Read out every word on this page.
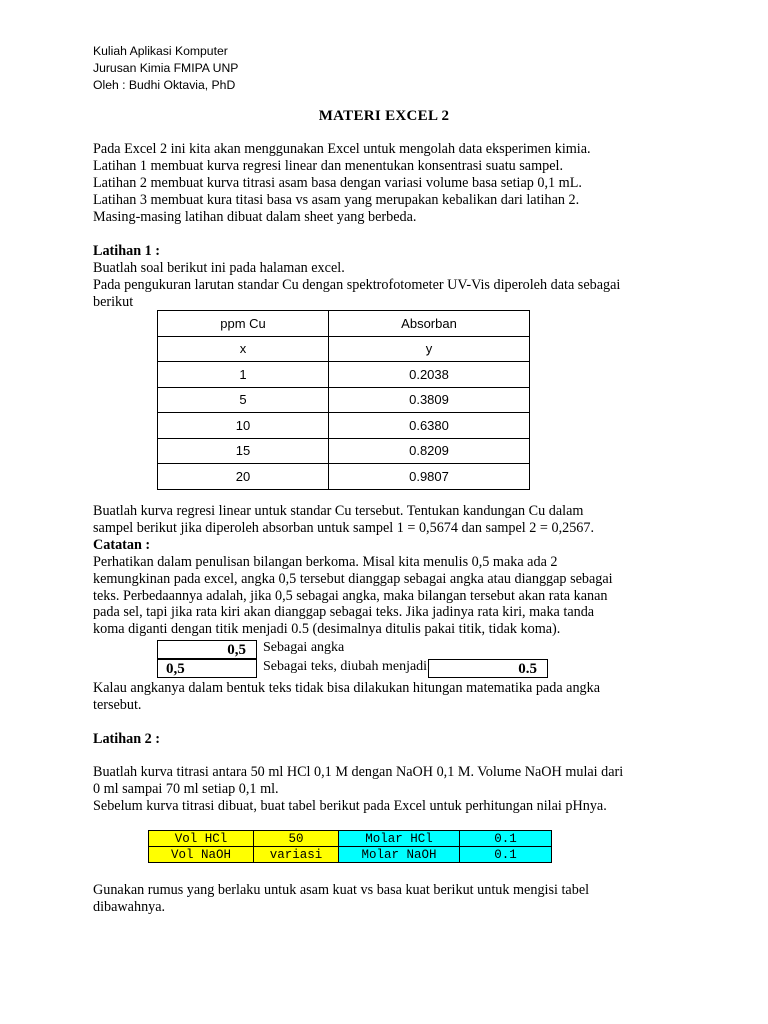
Kuliah Aplikasi Komputer
Jurusan Kimia FMIPA UNP
Oleh : Budhi Oktavia, PhD
MATERI EXCEL 2

Pada Excel 2 ini kita akan menggunakan Excel untuk mengolah data eksperimen kimia.

Latihan 1 membuat kurva regresi linear dan menentukan konsentrasi suatu sampel.

Latihan 2 membuat kurva titrasi asam basa dengan variasi volume basa setiap 0,1 mL.

Latihan 3 membuat kura titasi basa vs asam yang merupakan kebalikan dari latihan 2.

Masing-masing latihan dibuat dalam sheet yang berbeda.

Latihan 1 :

Buatlah soal berikut ini pada halaman excel.

Pada pengukuran larutan standar Cu dengan spektrofotometer UV-Vis diperoleh data sebagai

berikut

ppm Cu	Absorban
x	y
1	0.2038
5	0.3809
10	0.6380
15	0.8209
20	0.9807

Buatlah kurva regresi linear untuk standar Cu tersebut. Tentukan kandungan Cu dalam

sampel berikut jika diperoleh absorban untuk sampel 1 = 0,5674 dan sampel 2 = 0,2567.

Catatan :

Perhatikan dalam penulisan bilangan berkoma. Misal kita menulis 0,5 maka ada 2

kemungkinan pada excel, angka 0,5 tersebut dianggap sebagai angka atau dianggap sebagai

teks. Perbedaannya adalah, jika 0,5 sebagai angka, maka bilangan tersebut akan rata kanan

pada sel, tapi jika rata kiri akan dianggap sebagai teks. Jika jadinya rata kiri, maka tanda

koma diganti dengan titik menjadi 0.5 (desimalnya ditulis pakai titik, tidak koma).

0,5	Sebagai angka
0,5	Sebagai teks, diubah menjadi	0.5

Kalau angkanya dalam bentuk teks tidak bisa dilakukan hitungan matematika pada angka

tersebut.

Latihan 2 :

Buatlah kurva titrasi antara 50 ml HCl 0,1 M dengan NaOH 0,1 M. Volume NaOH mulai dari

0 ml sampai 70 ml setiap 0,1 ml.

Sebelum kurva titrasi dibuat, buat tabel berikut pada Excel untuk perhitungan nilai pHnya.

Vol HCl	50	Molar HCl	0.1
Vol NaOH	variasi	Molar NaOH	0.1

Gunakan rumus yang berlaku untuk asam kuat vs basa kuat berikut untuk mengisi tabel

dibawahnya.
